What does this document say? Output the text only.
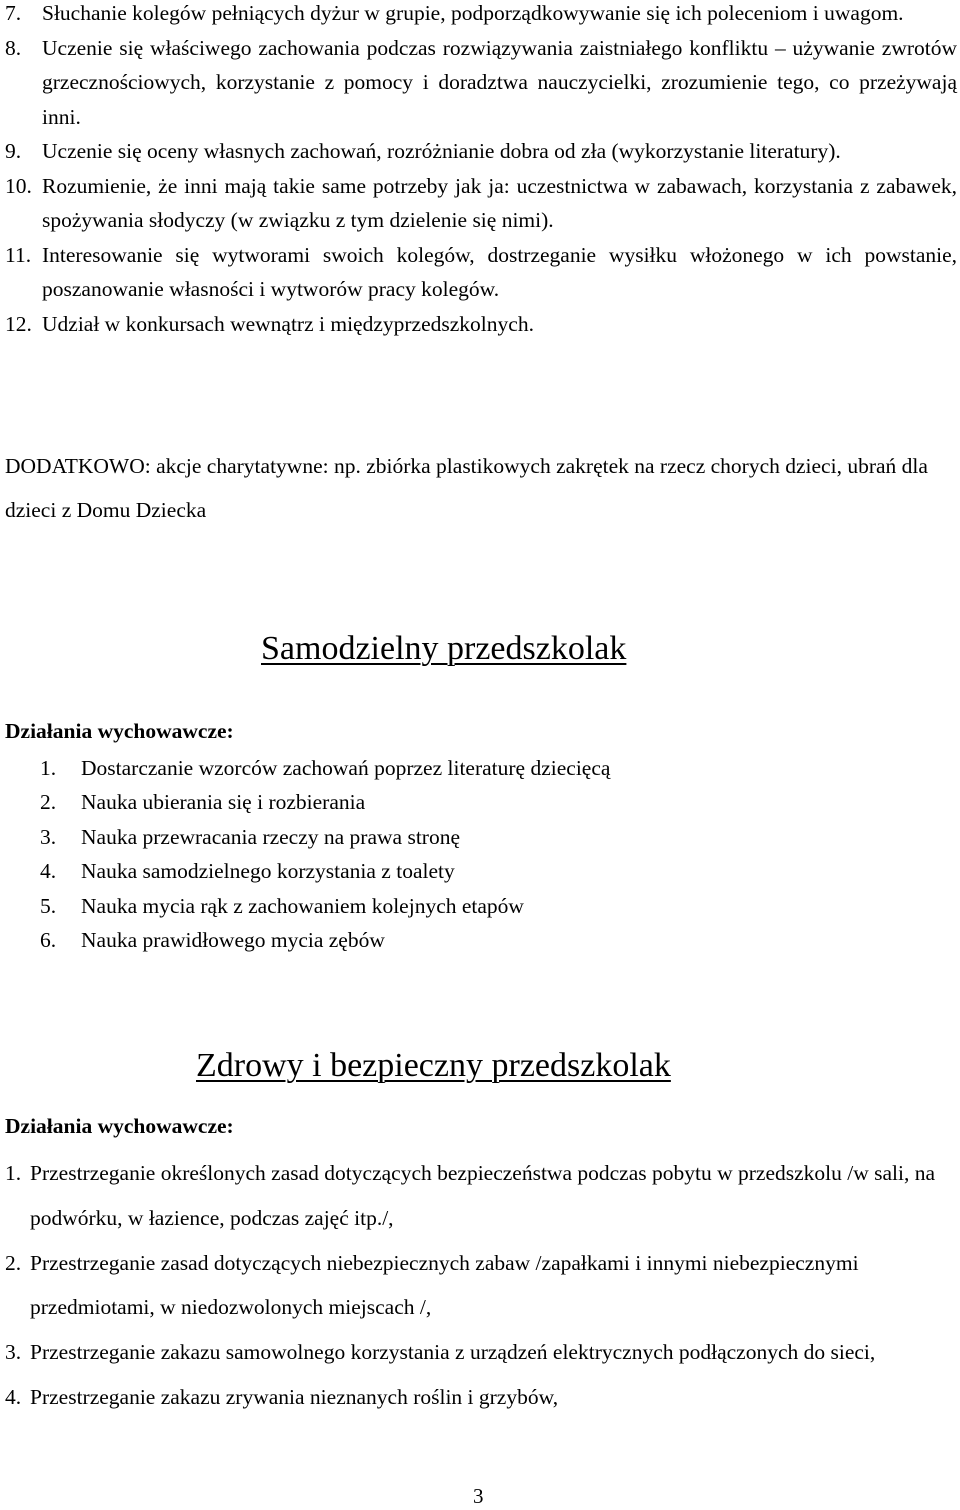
7. Słuchanie kolegów pełniących dyżur w grupie, podporządkowywanie się ich poleceniom i uwagom.
8. Uczenie się właściwego zachowania podczas rozwiązywania zaistniałego konfliktu – używanie zwrotów grzecznościowych, korzystanie z pomocy i doradztwa nauczycielki, zrozumienie tego, co przeżywają inni.
9. Uczenie się oceny własnych zachowań, rozróżnianie dobra od zła (wykorzystanie literatury).
10. Rozumienie, że inni mają takie same potrzeby jak ja: uczestnictwa w zabawach, korzystania z zabawek, spożywania słodyczy (w związku z tym dzielenie się nimi).
11. Interesowanie się wytworami swoich kolegów, dostrzeganie wysiłku włożonego w ich powstanie, poszanowanie własności i wytworów pracy kolegów.
12. Udział w konkursach wewnątrz i międzyprzedszkolnych.
DODATKOWO: akcje charytatywne: np. zbiórka plastikowych zakrętek na rzecz chorych dzieci, ubrań dla dzieci z Domu Dziecka
Samodzielny przedszkolak
Działania wychowawcze:
1. Dostarczanie wzorców zachowań poprzez literaturę dziecięcą
2. Nauka ubierania się i rozbierania
3. Nauka przewracania rzeczy na prawa stronę
4. Nauka samodzielnego korzystania z toalety
5. Nauka mycia rąk z zachowaniem kolejnych etapów
6. Nauka prawidłowego mycia zębów
Zdrowy i bezpieczny przedszkolak
Działania wychowawcze:
1. Przestrzeganie określonych zasad dotyczących bezpieczeństwa podczas pobytu w przedszkolu /w sali, na podwórku, w łazience, podczas zajęć itp./,
2. Przestrzeganie zasad dotyczących niebezpiecznych zabaw /zapałkami i innymi niebezpiecznymi przedmiotami, w niedozwolonych miejscach /,
3. Przestrzeganie zakazu samowolnego korzystania z urządzeń elektrycznych podłączonych do sieci,
4. Przestrzeganie zakazu zrywania nieznanych roślin i grzybów,
3
